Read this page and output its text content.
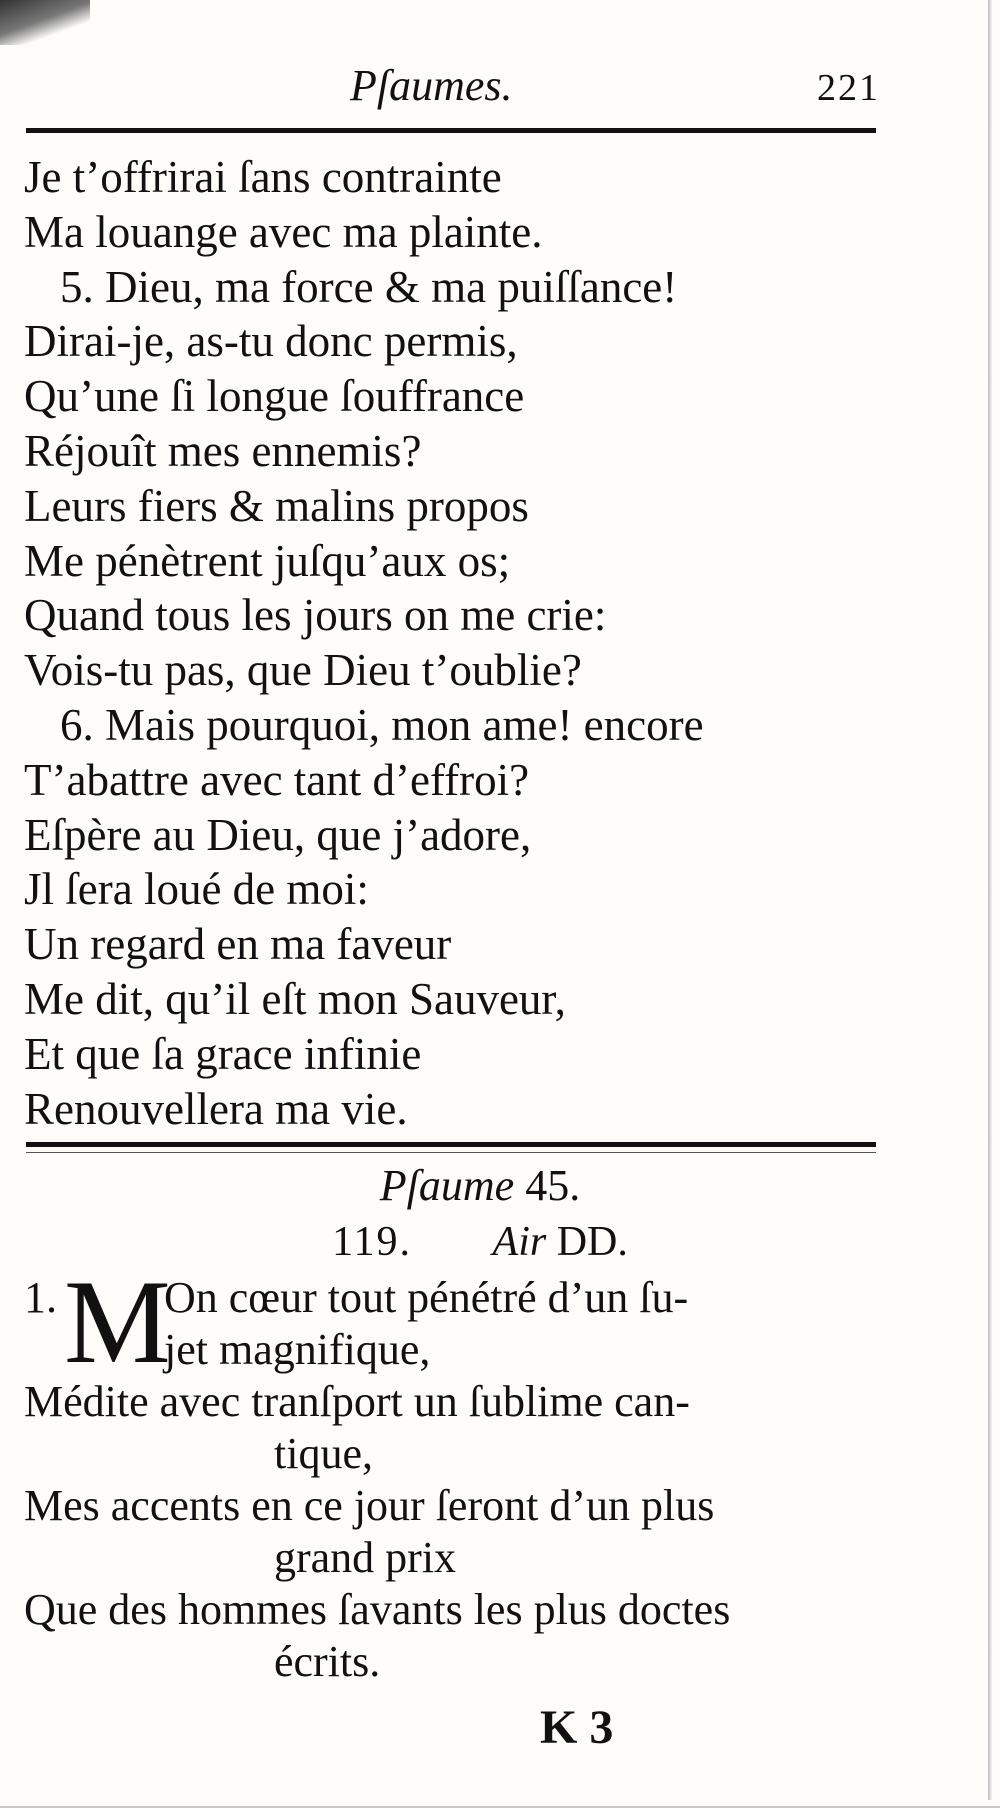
Pſaumes.	221
Je t’offrirai ſans contrainte
Ma louange avec ma plainte.
5. Dieu, ma force & ma puiſſance!
Dirai-je, as-tu donc permis,
Qu’une ſi longue ſouffrance
Réjouît mes ennemis?
Leurs fiers & malins propos
Me pénètrent juſqu’aux os;
Quand tous les jours on me crie:
Vois-tu pas, que Dieu t’oublie?
6. Mais pourquoi, mon ame! encore
T’abattre avec tant d’effroi?
Eſpère au Dieu, que j’adore,
Jl ſera loué de moi:
Un regard en ma faveur
Me dit, qu’il eſt mon Sauveur,
Et que ſa grace infinie
Renouvellera ma vie.
Pſaume 45.
119. Air DD.
1. M
On cœur tout pénétré d’un ſu-
jet magnifique,
Médite avec tranſport un ſublime can-
tique,
Mes accents en ce jour ſeront d’un plus
grand prix
Que des hommes ſavants les plus doctes
écrits.
K 3
